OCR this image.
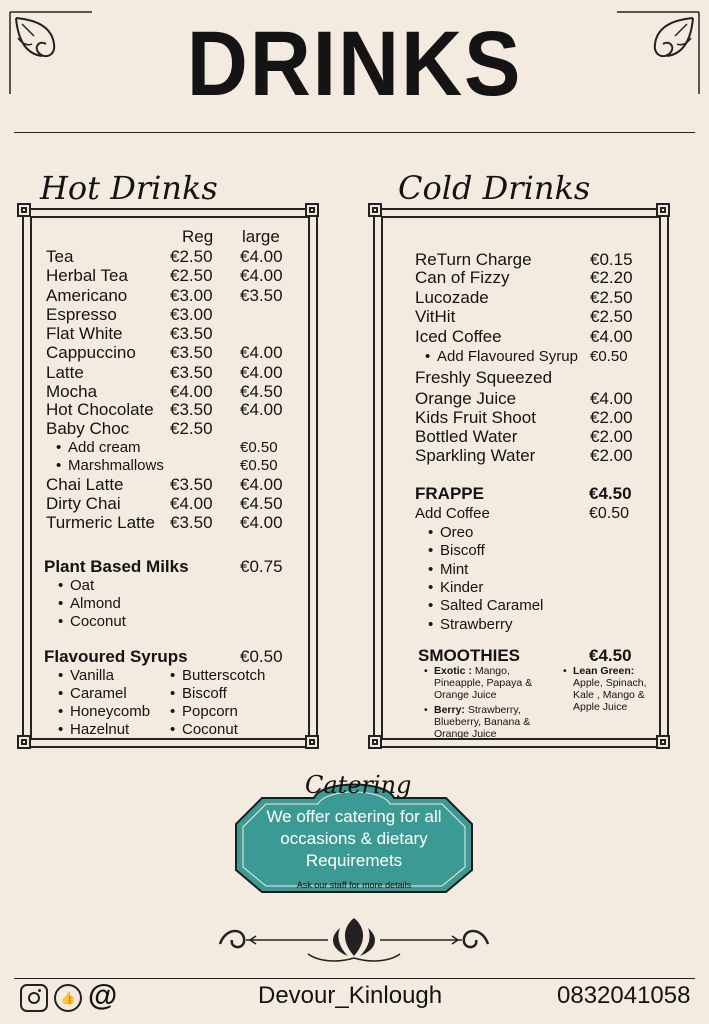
DRINKS
Hot Drinks
Reg large
Tea	€2.50 €4.00
Herbal Tea €2.50 €4.00
Americano	€3.00 €3.50
Espresso	€3.00
Flat White	€3.50
Cappuccino €3.50 €4.00
Latte	€3.50 €4.00
Mocha	€4.00 €4.50
Hot Chocolate €3.50 €4.00
Baby Choc €2.50
• Add cream	€0.50
• Marshmallows	€0.50
Chai Latte	€3.50 €4.00
Dirty Chai	€4.00 €4.50
Turmeric Latte €3.50 €4.00
Plant Based Milks	€0.75
• Oat
• Almond
• Coconut
Flavoured Syrups	€0.50
• Vanilla
• Caramel
• Honeycomb
• Hazelnut
• Butterscotch
• Biscoff
• Popcorn
• Coconut
Cold Drinks
ReTurn Charge	€0.15
Can of Fizzy	€2.20
Lucozade	€2.50
VitHit	€2.50
Iced Coffee	€4.00
• Add Flavoured Syrup €0.50
Freshly Squeezed
Orange Juice	€4.00
Kids Fruit Shoot	€2.00
Bottled Water	€2.00
Sparkling Water	€2.00
FRAPPE	€4.50
Add Coffee	€0.50
• Oreo
• Biscoff
• Mint
• Kinder
• Salted Caramel
• Strawberry
SMOOTHIES	€4.50
• Exotic : Mango, Pineapple, Papaya & Orange Juice
• Berry: Strawberry, Blueberry, Banana & Orange Juice
• Lean Green: Apple, Spinach, Kale , Mango & Apple Juice
Catering
We offer catering for all
occasions & dietary
Requiremets
Ask our staff for more details
👍 @	Devour_Kinlough	0832041058
